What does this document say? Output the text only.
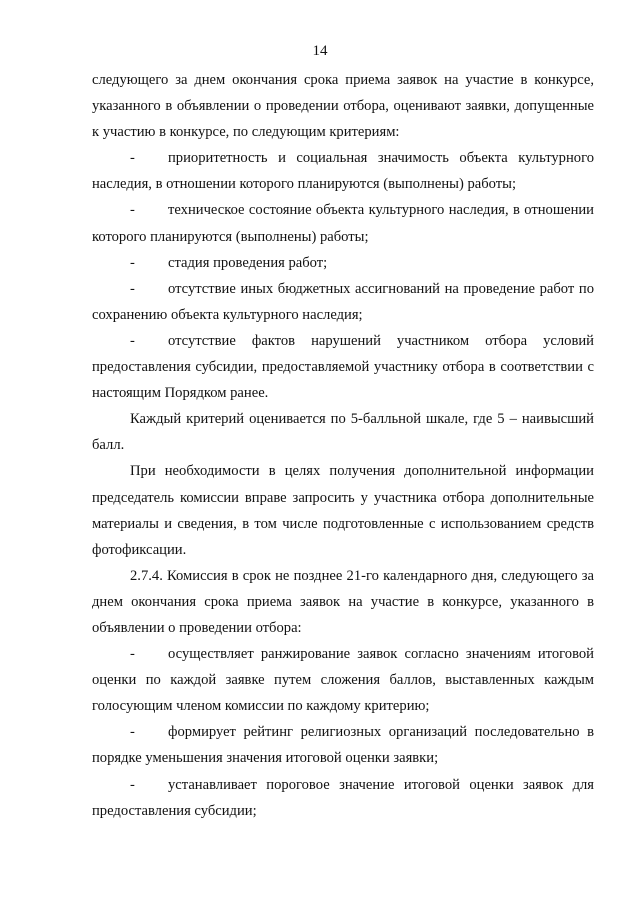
14

следующего за днем окончания срока приема заявок на участие в конкурсе, указанного в объявлении о проведении отбора, оценивают заявки, допущенные к участию в конкурсе, по следующим критериям:

- приоритетность и социальная значимость объекта культурного наследия, в отношении которого планируются (выполнены) работы;

- техническое состояние объекта культурного наследия, в отношении которого планируются (выполнены) работы;

- стадия проведения работ;

- отсутствие иных бюджетных ассигнований на проведение работ по сохранению объекта культурного наследия;

- отсутствие фактов нарушений участником отбора условий предоставления субсидии, предоставляемой участнику отбора в соответствии с настоящим Порядком ранее.

Каждый критерий оценивается по 5-балльной шкале, где 5 – наивысший балл.

При необходимости в целях получения дополнительной информации председатель комиссии вправе запросить у участника отбора дополнительные материалы и сведения, в том числе подготовленные с использованием средств фотофиксации.

2.7.4. Комиссия в срок не позднее 21-го календарного дня, следующего за днем окончания срока приема заявок на участие в конкурсе, указанного в объявлении о проведении отбора:

- осуществляет ранжирование заявок согласно значениям итоговой оценки по каждой заявке путем сложения баллов, выставленных каждым голосующим членом комиссии по каждому критерию;

- формирует рейтинг религиозных организаций последовательно в порядке уменьшения значения итоговой оценки заявки;

- устанавливает пороговое значение итоговой оценки заявок для предоставления субсидии;
